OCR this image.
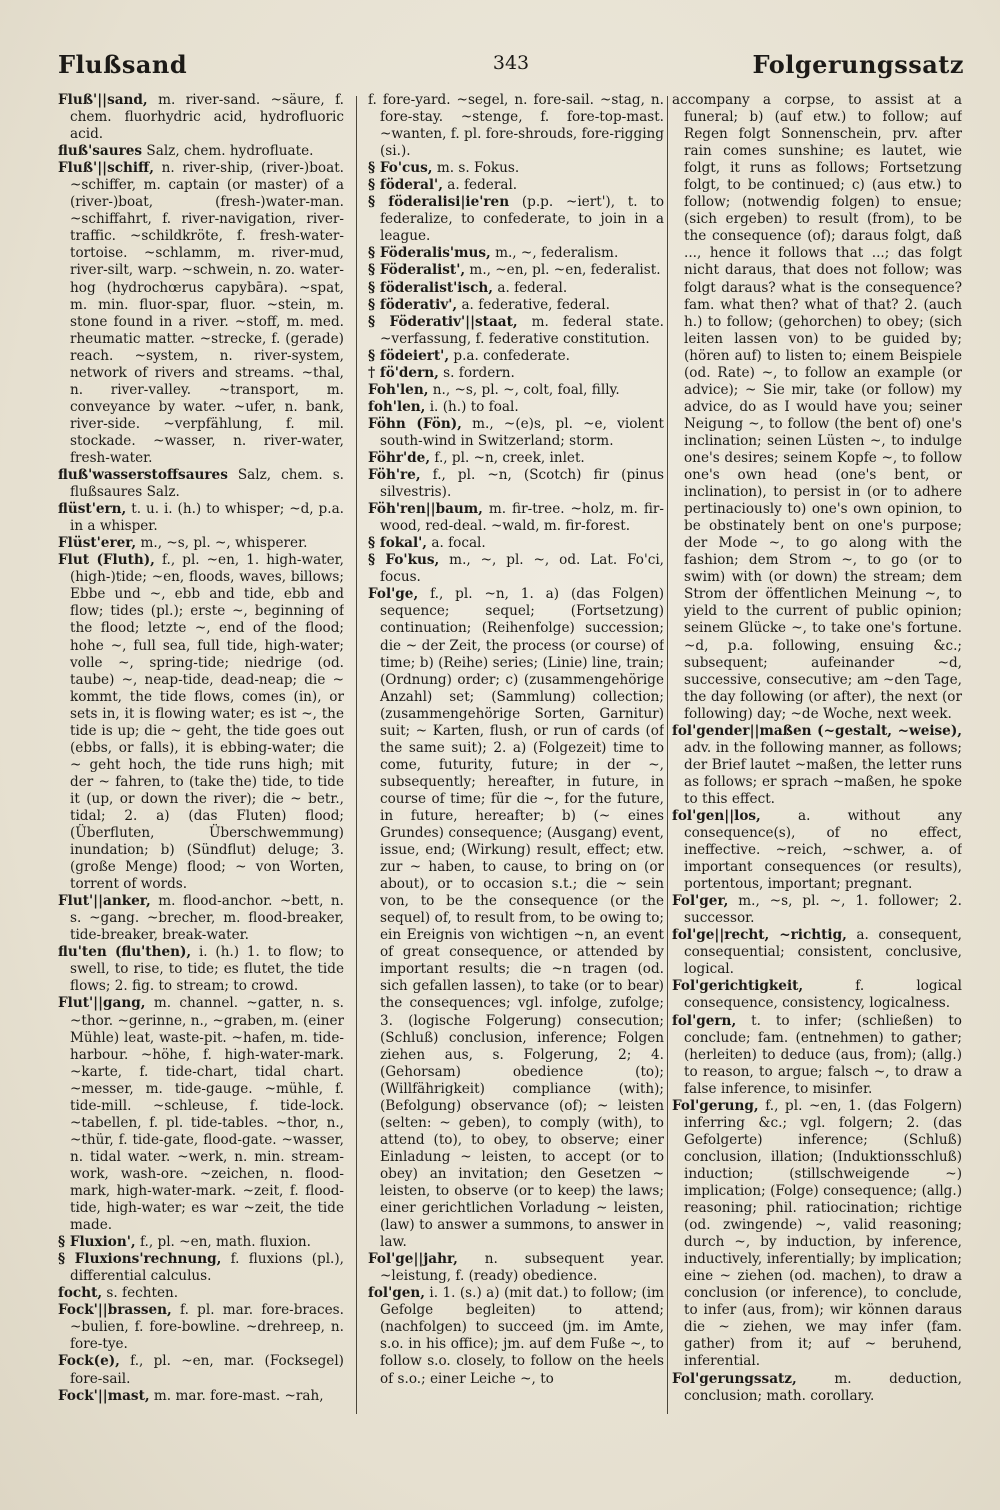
Flußsand	343	Folgerungssatz

Fluß'||sand, m. river-sand. ~säure, f. chem. fluorhydric acid, hydrofluoric acid.

fluß'saures Salz, chem. hydrofluate.

Fluß'||schiff, n. river-ship, (river-)boat. ~schiffer, m. captain (or master) of a (river-)boat, (fresh-)water-man. ~schiffahrt, f. river-navigation, river-traffic. ~schildkröte, f. fresh-water-tortoise. ~schlamm, m. river-mud, river-silt, warp. ~schwein, n. zo. water-hog (hydrochœrus capybāra). ~spat, m. min. fluor-spar, fluor. ~stein, m. stone found in a river. ~stoff, m. med. rheumatic matter. ~strecke, f. (gerade) reach. ~system, n. river-system, network of rivers and streams. ~thal, n. river-valley. ~transport, m. conveyance by water. ~ufer, n. bank, river-side. ~verpfählung, f. mil. stockade. ~wasser, n. river-water, fresh-water.

fluß'wasserstoffsaures Salz, chem. s. flußsaures Salz.

flüst'ern, t. u. i. (h.) to whisper; ~d, p.a. in a whisper.

Flüst'erer, m., ~s, pl. ~, whisperer.

Flut (Fluth), f., pl. ~en, 1. high-water, (high-)tide; ~en, floods, waves, billows; Ebbe und ~, ebb and tide, ebb and flow; tides (pl.); erste ~, beginning of the flood; letzte ~, end of the flood; hohe ~, full sea, full tide, high-water; volle ~, spring-tide; niedrige (od. taube) ~, neap-tide, dead-neap; die ~ kommt, the tide flows, comes (in), or sets in, it is flowing water; es ist ~, the tide is up; die ~ geht, the tide goes out (ebbs, or falls), it is ebbing-water; die ~ geht hoch, the tide runs high; mit der ~ fahren, to (take the) tide, to tide it (up, or down the river); die ~ betr., tidal; 2. a) (das Fluten) flood; (Überfluten, Überschwemmung) inundation; b) (Sündflut) deluge; 3. (große Menge) flood; ~ von Worten, torrent of words.

Flut'||anker, m. flood-anchor. ~bett, n. s. ~gang. ~brecher, m. flood-breaker, tide-breaker, break-water.

flu'ten (flu'then), i. (h.) 1. to flow; to swell, to rise, to tide; es flutet, the tide flows; 2. fig. to stream; to crowd.

Flut'||gang, m. channel. ~gatter, n. s. ~thor. ~gerinne, n., ~graben, m. (einer Mühle) leat, waste-pit. ~hafen, m. tide-harbour. ~höhe, f. high-water-mark. ~karte, f. tide-chart, tidal chart. ~messer, m. tide-gauge. ~mühle, f. tide-mill. ~schleuse, f. tide-lock. ~tabellen, f. pl. tide-tables. ~thor, n., ~thür, f. tide-gate, flood-gate. ~wasser, n. tidal water. ~werk, n. min. stream-work, wash-ore. ~zeichen, n. flood-mark, high-water-mark. ~zeit, f. flood-tide, high-water; es war ~zeit, the tide made.

§ Fluxion', f., pl. ~en, math. fluxion.

§ Fluxions'rechnung, f. fluxions (pl.), differential calculus.

focht, s. fechten.

Fock'||brassen, f. pl. mar. fore-braces. ~bulien, f. fore-bowline. ~drehreep, n. fore-tye.

Fock(e), f., pl. ~en, mar. (Focksegel) fore-sail.

Fock'||mast, m. mar. fore-mast. ~rah,

f. fore-yard. ~segel, n. fore-sail. ~stag, n. fore-stay. ~stenge, f. fore-top-mast. ~wanten, f. pl. fore-shrouds, fore-rigging (si.).

§ Fo'cus, m. s. Fokus.

§ föderal', a. federal.

§ föderalisi|ie'ren (p.p. ~iert'), t. to federalize, to confederate, to join in a league.

§ Föderalis'mus, m., ~, federalism.

§ Föderalist', m., ~en, pl. ~en, federalist.

§ föderalist'isch, a. federal.

§ föderativ', a. federative, federal.

§ Föderativ'||staat, m. federal state. ~verfassung, f. federative constitution.

§ födeiert', p.a. confederate.

† fö'dern, s. fordern.

Foh'len, n., ~s, pl. ~, colt, foal, filly.

foh'len, i. (h.) to foal.

Föhn (Fön), m., ~(e)s, pl. ~e, violent south-wind in Switzerland; storm.

Föhr'de, f., pl. ~n, creek, inlet.

Föh're, f., pl. ~n, (Scotch) fir (pinus silvestris).

Föh'ren||baum, m. fir-tree. ~holz, m. fir-wood, red-deal. ~wald, m. fir-forest.

§ fokal', a. focal.

§ Fo'kus, m., ~, pl. ~, od. Lat. Fo'ci, focus.

Fol'ge, f., pl. ~n, 1. a) (das Folgen) sequence; sequel; (Fortsetzung) continuation; (Reihenfolge) succession; die ~ der Zeit, the process (or course) of time; b) (Reihe) series; (Linie) line, train; (Ordnung) order; c) (zusammengehörige Anzahl) set; (Sammlung) collection; (zusammengehörige Sorten, Garnitur) suit; ~ Karten, flush, or run of cards (of the same suit); 2. a) (Folgezeit) time to come, futurity, future; in der ~, subsequently; hereafter, in future, in course of time; für die ~, for the future, in future, hereafter; b) (~ eines Grundes) consequence; (Ausgang) event, issue, end; (Wirkung) result, effect; etw. zur ~ haben, to cause, to bring on (or about), or to occasion s.t.; die ~ sein von, to be the consequence (or the sequel) of, to result from, to be owing to; ein Ereignis von wichtigen ~n, an event of great consequence, or attended by important results; die ~n tragen (od. sich gefallen lassen), to take (or to bear) the consequences; vgl. infolge, zufolge; 3. (logische Folgerung) consecution; (Schluß) conclusion, inference; Folgen ziehen aus, s. Folgerung, 2; 4. (Gehorsam) obedience (to); (Willfährigkeit) compliance (with); (Befolgung) observance (of); ~ leisten (selten: ~ geben), to comply (with), to attend (to), to obey, to observe; einer Einladung ~ leisten, to accept (or to obey) an invitation; den Gesetzen ~ leisten, to observe (or to keep) the laws; einer gerichtlichen Vorladung ~ leisten, (law) to answer a summons, to answer in law.

Fol'ge||jahr, n. subsequent year. ~leistung, f. (ready) obedience.

fol'gen, i. 1. (s.) a) (mit dat.) to follow; (im Gefolge begleiten) to attend; (nachfolgen) to succeed (jm. im Amte, s.o. in his office); jm. auf dem Fuße ~, to follow s.o. closely, to follow on the heels of s.o.; einer Leiche ~, to

accompany a corpse, to assist at a funeral; b) (auf etw.) to follow; auf Regen folgt Sonnenschein, prv. after rain comes sunshine; es lautet, wie folgt, it runs as follows; Fortsetzung folgt, to be continued; c) (aus etw.) to follow; (notwendig folgen) to ensue; (sich ergeben) to result (from), to be the consequence (of); daraus folgt, daß ..., hence it follows that ...; das folgt nicht daraus, that does not follow; was folgt daraus? what is the consequence? fam. what then? what of that? 2. (auch h.) to follow; (gehorchen) to obey; (sich leiten lassen von) to be guided by; (hören auf) to listen to; einem Beispiele (od. Rate) ~, to follow an example (or advice); ~ Sie mir, take (or follow) my advice, do as I would have you; seiner Neigung ~, to follow (the bent of) one's inclination; seinen Lüsten ~, to indulge one's desires; seinem Kopfe ~, to follow one's own head (one's bent, or inclination), to persist in (or to adhere pertinaciously to) one's own opinion, to be obstinately bent on one's purpose; der Mode ~, to go along with the fashion; dem Strom ~, to go (or to swim) with (or down) the stream; dem Strom der öffentlichen Meinung ~, to yield to the current of public opinion; seinem Glücke ~, to take one's fortune. ~d, p.a. following, ensuing &c.; subsequent; aufeinander ~d, successive, consecutive; am ~den Tage, the day following (or after), the next (or following) day; ~de Woche, next week.

fol'gender||maßen (~gestalt, ~weise), adv. in the following manner, as follows; der Brief lautet ~maßen, the letter runs as follows; er sprach ~maßen, he spoke to this effect.

fol'gen||los, a. without any consequence(s), of no effect, ineffective. ~reich, ~schwer, a. of important consequences (or results), portentous, important; pregnant.

Fol'ger, m., ~s, pl. ~, 1. follower; 2. successor.

fol'ge||recht, ~richtig, a. consequent, consequential; consistent, conclusive, logical.

Fol'gerichtigkeit, f. logical consequence, consistency, logicalness.

fol'gern, t. to infer; (schließen) to conclude; fam. (entnehmen) to gather; (herleiten) to deduce (aus, from); (allg.) to reason, to argue; falsch ~, to draw a false inference, to misinfer.

Fol'gerung, f., pl. ~en, 1. (das Folgern) inferring &c.; vgl. folgern; 2. (das Gefolgerte) inference; (Schluß) conclusion, illation; (Induktionsschluß) induction; (stillschweigende ~) implication; (Folge) consequence; (allg.) reasoning; phil. ratiocination; richtige (od. zwingende) ~, valid reasoning; durch ~, by induction, by inference, inductively, inferentially; by implication; eine ~ ziehen (od. machen), to draw a conclusion (or inference), to conclude, to infer (aus, from); wir können daraus die ~ ziehen, we may infer (fam. gather) from it; auf ~ beruhend, inferential.

Fol'gerungssatz, m. deduction, conclusion; math. corollary.
